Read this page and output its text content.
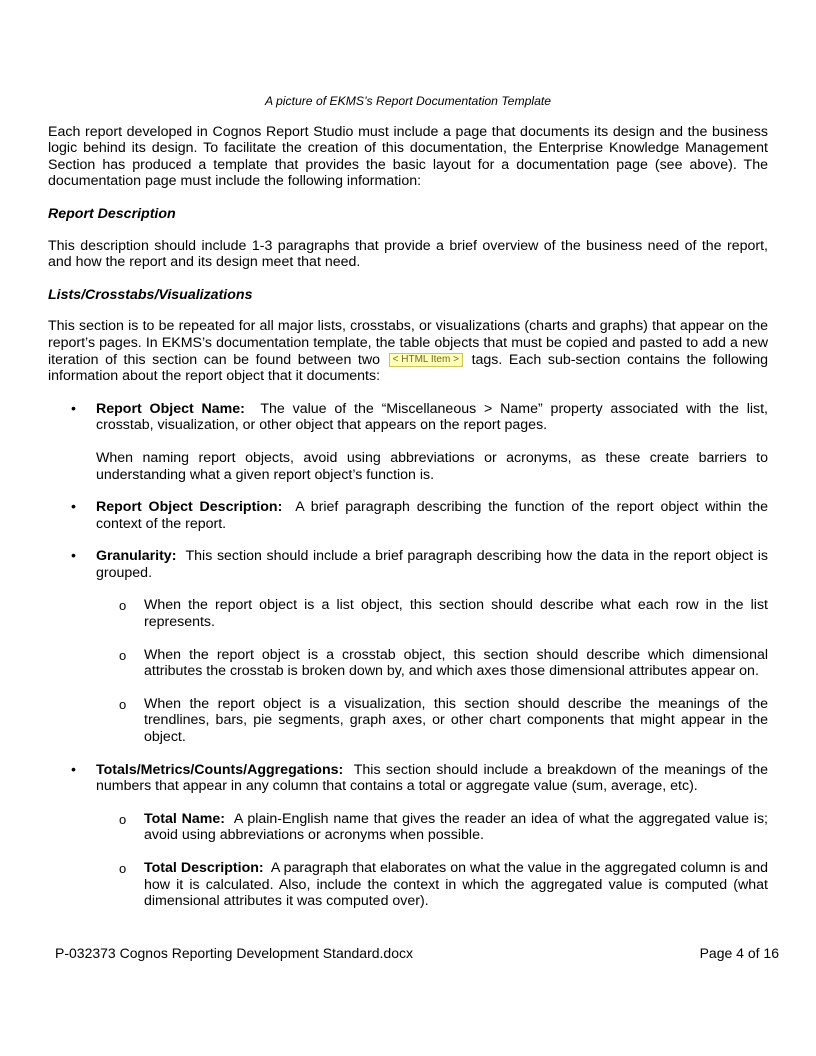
A picture of EKMS’s Report Documentation Template

Each report developed in Cognos Report Studio must include a page that documents its design and the business logic behind its design. To facilitate the creation of this documentation, the Enterprise Knowledge Management Section has produced a template that provides the basic layout for a documentation page (see above). The documentation page must include the following information:

Report Description

This description should include 1-3 paragraphs that provide a brief overview of the business need of the report, and how the report and its design meet that need.

Lists/Crosstabs/Visualizations

This section is to be repeated for all major lists, crosstabs, or visualizations (charts and graphs) that appear on the report’s pages. In EKMS’s documentation template, the table objects that must be copied and pasted to add a new iteration of this section can be found between two < HTML Item > tags. Each sub-section contains the following information about the report object that it documents:

• Report Object Name: The value of the “Miscellaneous > Name” property associated with the list, crosstab, visualization, or other object that appears on the report pages.

When naming report objects, avoid using abbreviations or acronyms, as these create barriers to understanding what a given report object’s function is.

• Report Object Description: A brief paragraph describing the function of the report object within the context of the report.

• Granularity: This section should include a brief paragraph describing how the data in the report object is grouped.

o When the report object is a list object, this section should describe what each row in the list represents.

o When the report object is a crosstab object, this section should describe which dimensional attributes the crosstab is broken down by, and which axes those dimensional attributes appear on.

o When the report object is a visualization, this section should describe the meanings of the trendlines, bars, pie segments, graph axes, or other chart components that might appear in the object.

• Totals/Metrics/Counts/Aggregations: This section should include a breakdown of the meanings of the numbers that appear in any column that contains a total or aggregate value (sum, average, etc).

o Total Name: A plain-English name that gives the reader an idea of what the aggregated value is; avoid using abbreviations or acronyms when possible.

o Total Description: A paragraph that elaborates on what the value in the aggregated column is and how it is calculated. Also, include the context in which the aggregated value is computed (what dimensional attributes it was computed over).

P-032373 Cognos Reporting Development Standard.docx	Page 4 of 16
